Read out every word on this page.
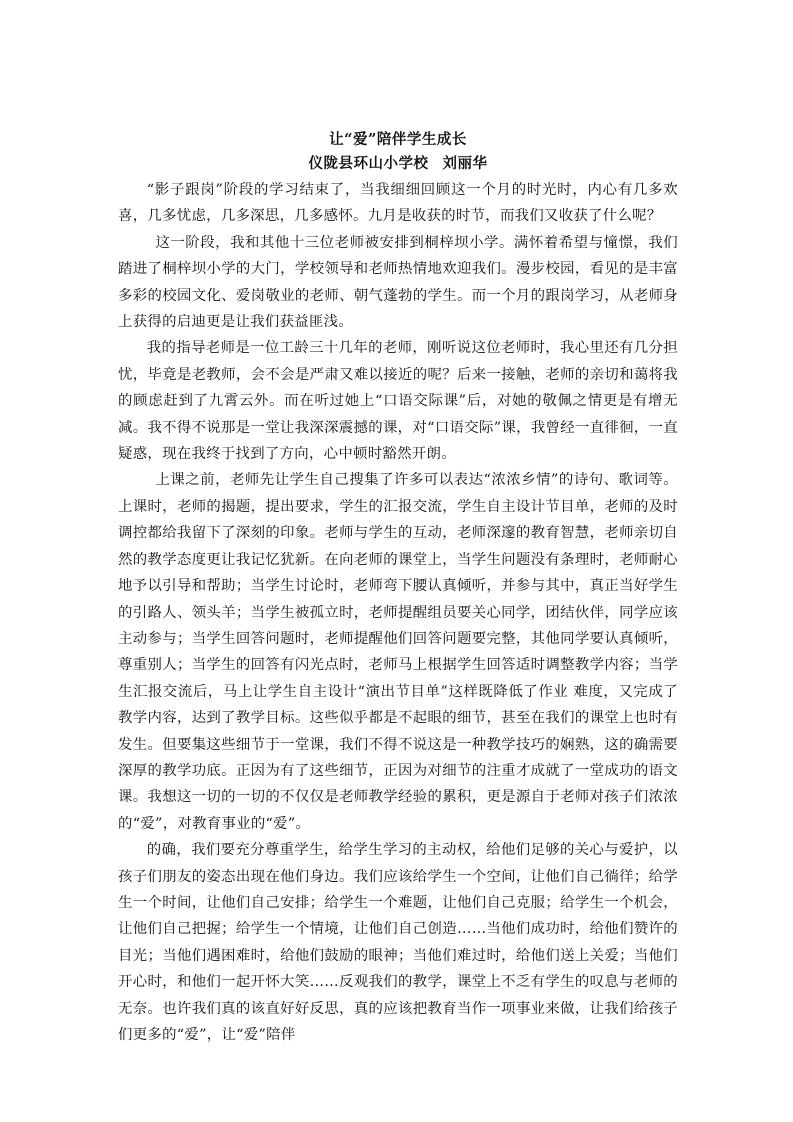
让“爱”陪伴学生成长

仪陇县环山小学校 刘丽华

“影子跟岗”阶段的学习结束了，当我细细回顾这一个月的时光时，内心有几多欢喜，几多忧虑，几多深思，几多感怀。九月是收获的时节，而我们又收获了什么呢？

这一阶段，我和其他十三位老师被安排到桐梓坝小学。满怀着希望与憧憬，我们踏进了桐梓坝小学的大门，学校领导和老师热情地欢迎我们。漫步校园，看见的是丰富多彩的校园文化、爱岗敬业的老师、朝气蓬勃的学生。而一个月的跟岗学习，从老师身上获得的启迪更是让我们获益匪浅。

我的指导老师是一位工龄三十几年的老师，刚听说这位老师时，我心里还有几分担忧，毕竟是老教师，会不会是严肃又难以接近的呢？后来一接触，老师的亲切和蔼将我的顾虑赶到了九霄云外。而在听过她上“口语交际课”后，对她的敬佩之情更是有增无减。我不得不说那是一堂让我深深震撼的课，对“口语交际”课，我曾经一直徘徊，一直疑惑，现在我终于找到了方向，心中顿时豁然开朗。

上课之前，老师先让学生自己搜集了许多可以表达“浓浓乡情”的诗句、歌词等。上课时，老师的揭题，提出要求，学生的汇报交流，学生自主设计节目单，老师的及时调控都给我留下了深刻的印象。老师与学生的互动，老师深邃的教育智慧，老师亲切自然的教学态度更让我记忆犹新。在向老师的课堂上，当学生问题没有条理时，老师耐心地予以引导和帮助；当学生讨论时，老师弯下腰认真倾听，并参与其中，真正当好学生的引路人、领头羊；当学生被孤立时，老师提醒组员要关心同学，团结伙伴，同学应该主动参与；当学生回答问题时，老师提醒他们回答问题要完整，其他同学要认真倾听，尊重别人；当学生的回答有闪光点时，老师马上根据学生回答适时调整教学内容；当学生汇报交流后，马上让学生自主设计“演出节目单”这样既降低了作业 难度，又完成了教学内容，达到了教学目标。这些似乎都是不起眼的细节，甚至在我们的课堂上也时有发生。但要集这些细节于一堂课，我们不得不说这是一种教学技巧的娴熟，这的确需要深厚的教学功底。正因为有了这些细节，正因为对细节的注重才成就了一堂成功的语文课。我想这一切的一切的不仅仅是老师教学经验的累积，更是源自于老师对孩子们浓浓的“爱”，对教育事业的“爱”。

的确，我们要充分尊重学生，给学生学习的主动权，给他们足够的关心与爱护，以孩子们朋友的姿态出现在他们身边。我们应该给学生一个空间，让他们自己徜徉；给学生一个时间，让他们自己安排；给学生一个难题，让他们自己克服；给学生一个机会，让他们自己把握；给学生一个情境，让他们自己创造……当他们成功时，给他们赞许的目光；当他们遇困难时，给他们鼓励的眼神；当他们难过时，给他们送上关爱；当他们开心时，和他们一起开怀大笑……反观我们的教学，课堂上不乏有学生的叹息与老师的无奈。也许我们真的该直好好反思，真的应该把教育当作一项事业来做，让我们给孩子们更多的“爱”，让“爱”陪伴
